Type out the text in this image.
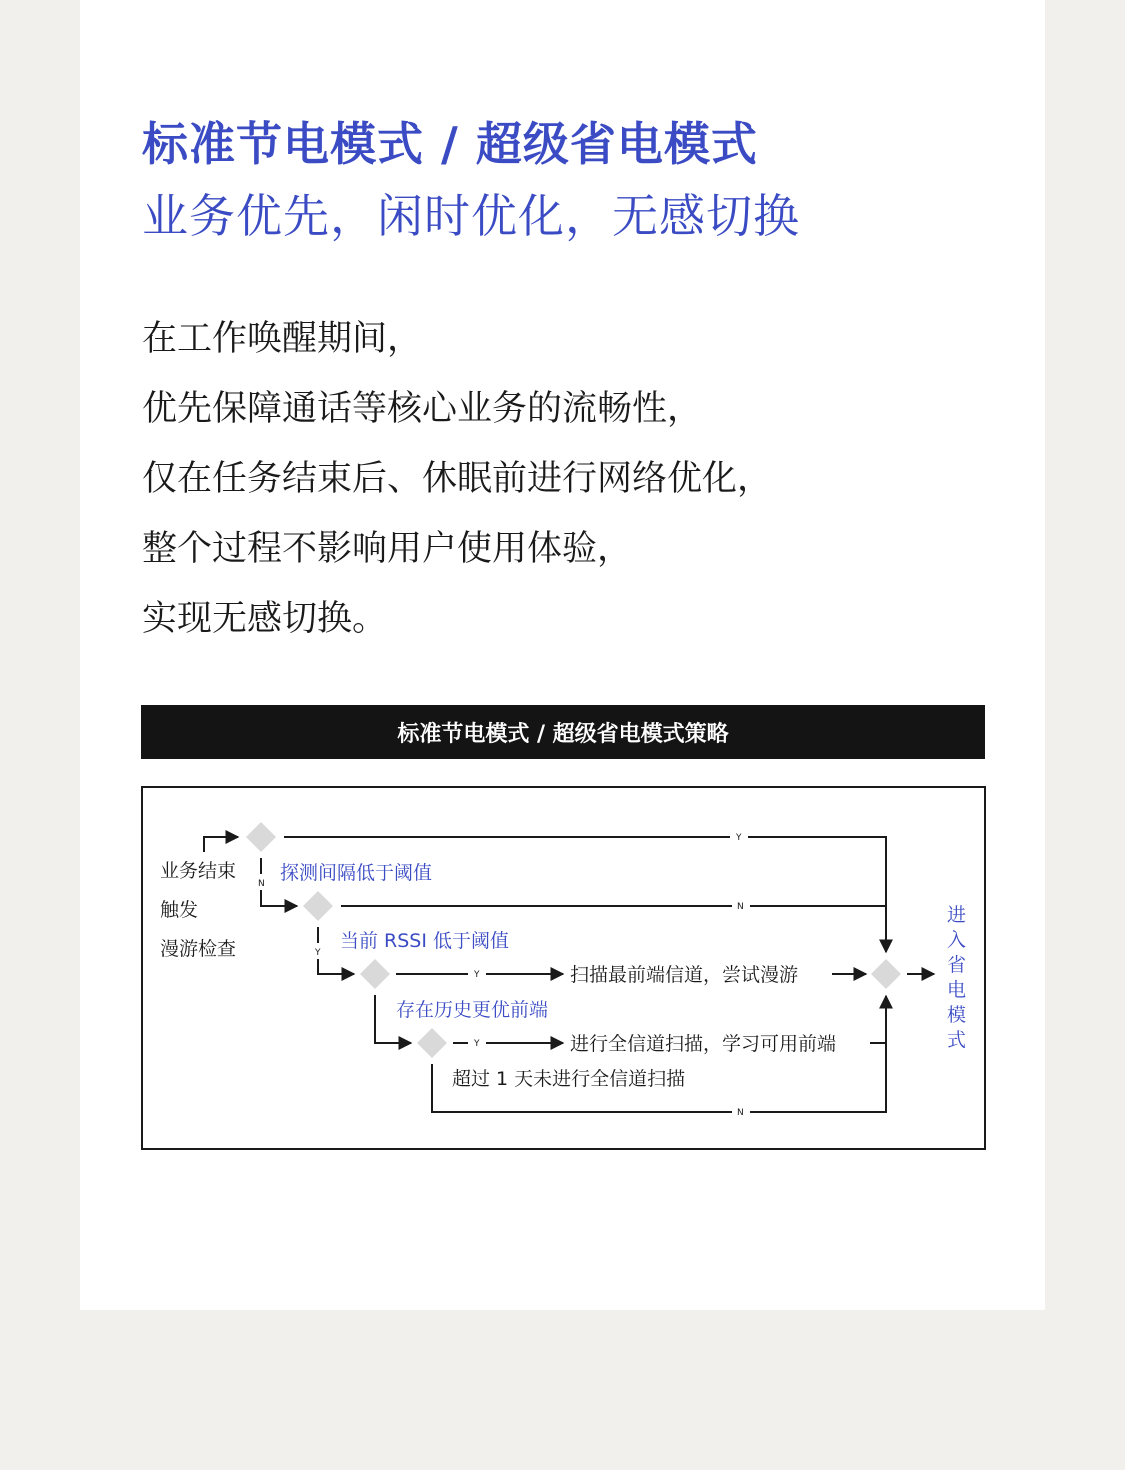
标准节电模式 / 超级省电模式
业务优先，闲时优化，无感切换
在工作唤醒期间，
优先保障通话等核心业务的流畅性，
仅在任务结束后、休眠前进行网络优化，
整个过程不影响用户使用体验，
实现无感切换。
标准节电模式 / 超级省电模式策略
业务结束
触发
漫游检查
Y
N 探测间隔低于阈值
N
Y
当前 RSSI 低于阈值
Y	扫描最前端信道，尝试漫游
存在历史更优前端
Y	进行全信道扫描，学习可用前端
超过 1 天未进行全信道扫描
N
进
入
省
电
模
式
